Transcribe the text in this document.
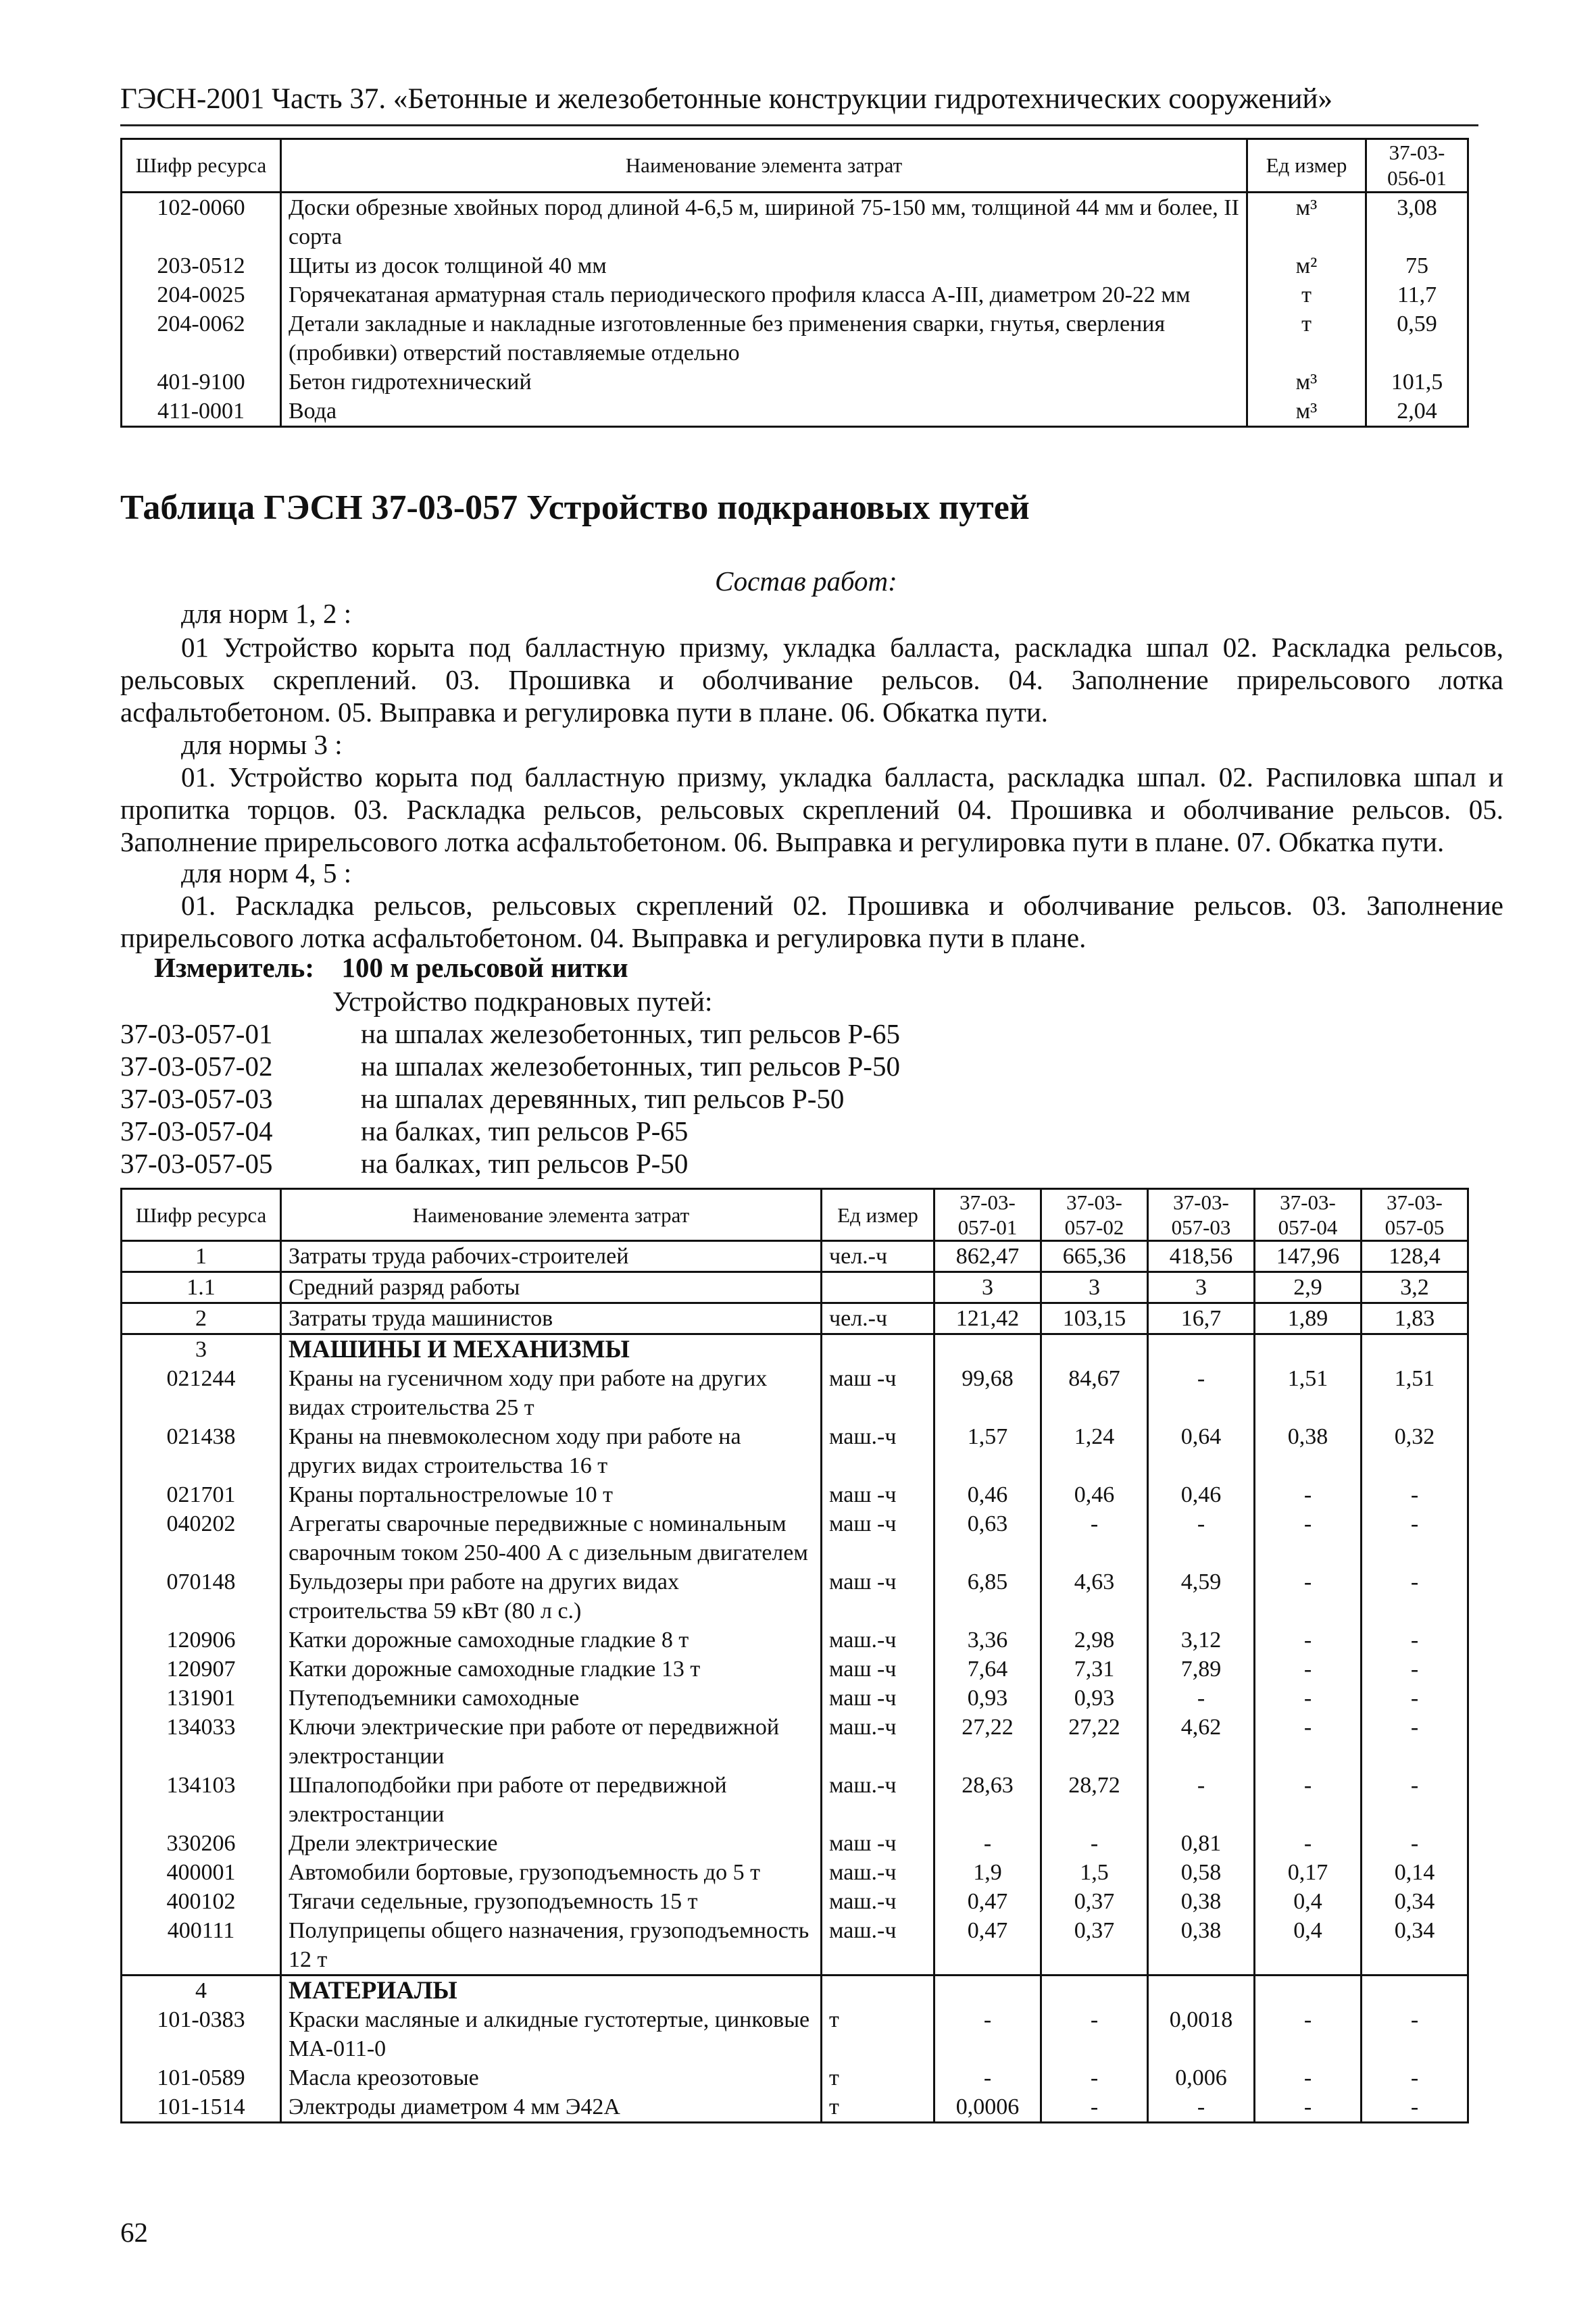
ГЭСН-2001 Часть 37. «Бетонные и железобетонные конструкции гидротехнических сооружений»
Шифр ресурса	Наименование элемента затрат	Ед измер	37-03-056-01
102-0060	Доски обрезные хвойных пород длиной 4-6,5 м, шириной 75-150 мм, толщиной 44 мм и более, II сорта	м³	3,08
203-0512	Щиты из досок толщиной 40 мм	м²	75
204-0025	Горячекатаная арматурная сталь периодического профиля класса А-III, диаметром 20-22 мм	т	11,7
204-0062	Детали закладные и накладные изготовленные без применения сварки, гнутья, сверления (пробивки) отверстий поставляемые отдельно	т	0,59
401-9100	Бетон гидротехнический	м³	101,5
411-0001	Вода	м³	2,04
Таблица ГЭСН 37-03-057 Устройство подкрановых путей
Состав работ:
для норм 1, 2 :
01 Устройство корыта под балластную призму, укладка балласта, раскладка шпал 02. Раскладка рельсов, рельсовых скреплений. 03. Прошивка и оболчивание рельсов. 04. Заполнение прирельсового лотка асфальтобетоном. 05. Выправка и регулировка пути в плане. 06. Обкатка пути.
для нормы 3 :
01. Устройство корыта под балластную призму, укладка балласта, раскладка шпал. 02. Распиловка шпал и пропитка торцов. 03. Раскладка рельсов, рельсовых скреплений 04. Прошивка и оболчивание рельсов. 05. Заполнение прирельсового лотка асфальтобетоном. 06. Выправка и регулировка пути в плане. 07. Обкатка пути.
для норм 4, 5 :
01. Раскладка рельсов, рельсовых скреплений 02. Прошивка и оболчивание рельсов. 03. Заполнение прирельсового лотка асфальтобетоном. 04. Выправка и регулировка пути в плане.
Измеритель: 100 м рельсовой нитки
Устройство подкрановых путей:
37-03-057-01	на шпалах железобетонных, тип рельсов Р-65
37-03-057-02	на шпалах железобетонных, тип рельсов Р-50
37-03-057-03	на шпалах деревянных, тип рельсов Р-50
37-03-057-04	на балках, тип рельсов Р-65
37-03-057-05	на балках, тип рельсов Р-50
Шифр ресурса	Наименование элемента затрат	Ед измер	37-03-057-01	37-03-057-02	37-03-057-03	37-03-057-04	37-03-057-05
1	Затраты труда рабочих-строителей	чел.-ч	862,47	665,36	418,56	147,96	128,4
1.1	Средний разряд работы		3	3	3	2,9	3,2
2	Затраты труда машинистов	чел.-ч	121,42	103,15	16,7	1,89	1,83
3	МАШИНЫ И МЕХАНИЗМЫ						
021244	Краны на гусеничном ходу при работе на других видах строительства 25 т	маш -ч	99,68	84,67	-	1,51	1,51
021438	Краны на пневмоколесном ходу при работе на других видах строительства 16 т	маш.-ч	1,57	1,24	0,64	0,38	0,32
021701	Краны портальнострелowые 10 т	маш -ч	0,46	0,46	0,46	-	-
040202	Агрегаты сварочные передвижные с номинальным сварочным током 250-400 А с дизельным двигателем	маш -ч	0,63	-	-	-	-
070148	Бульдозеры при работе на других видах строительства 59 кВт (80 л с.)	маш -ч	6,85	4,63	4,59	-	-
120906	Катки дорожные самоходные гладкие 8 т	маш.-ч	3,36	2,98	3,12	-	-
120907	Катки дорожные самоходные гладкие 13 т	маш -ч	7,64	7,31	7,89	-	-
131901	Путеподъемники самоходные	маш -ч	0,93	0,93	-	-	-
134033	Ключи электрические при работе от передвижной электростанции	маш.-ч	27,22	27,22	4,62	-	-
134103	Шпалоподбойки при работе от передвижной электростанции	маш.-ч	28,63	28,72	-	-	-
330206	Дрели электрические	маш -ч	-	-	0,81	-	-
400001	Автомобили бортовые, грузоподъемность до 5 т	маш.-ч	1,9	1,5	0,58	0,17	0,14
400102	Тягачи седельные, грузоподъемность 15 т	маш.-ч	0,47	0,37	0,38	0,4	0,34
400111	Полуприцепы общего назначения, грузоподъемность 12 т	маш.-ч	0,47	0,37	0,38	0,4	0,34
4	МАТЕРИАЛЫ						
101-0383	Краски масляные и алкидные густотертые, цинковые МА-011-0	т	-	-	0,0018	-	-
101-0589	Масла креозотовые	т	-	-	0,006	-	-
101-1514	Электроды диаметром 4 мм Э42А	т	0,0006	-	-	-	-
62
